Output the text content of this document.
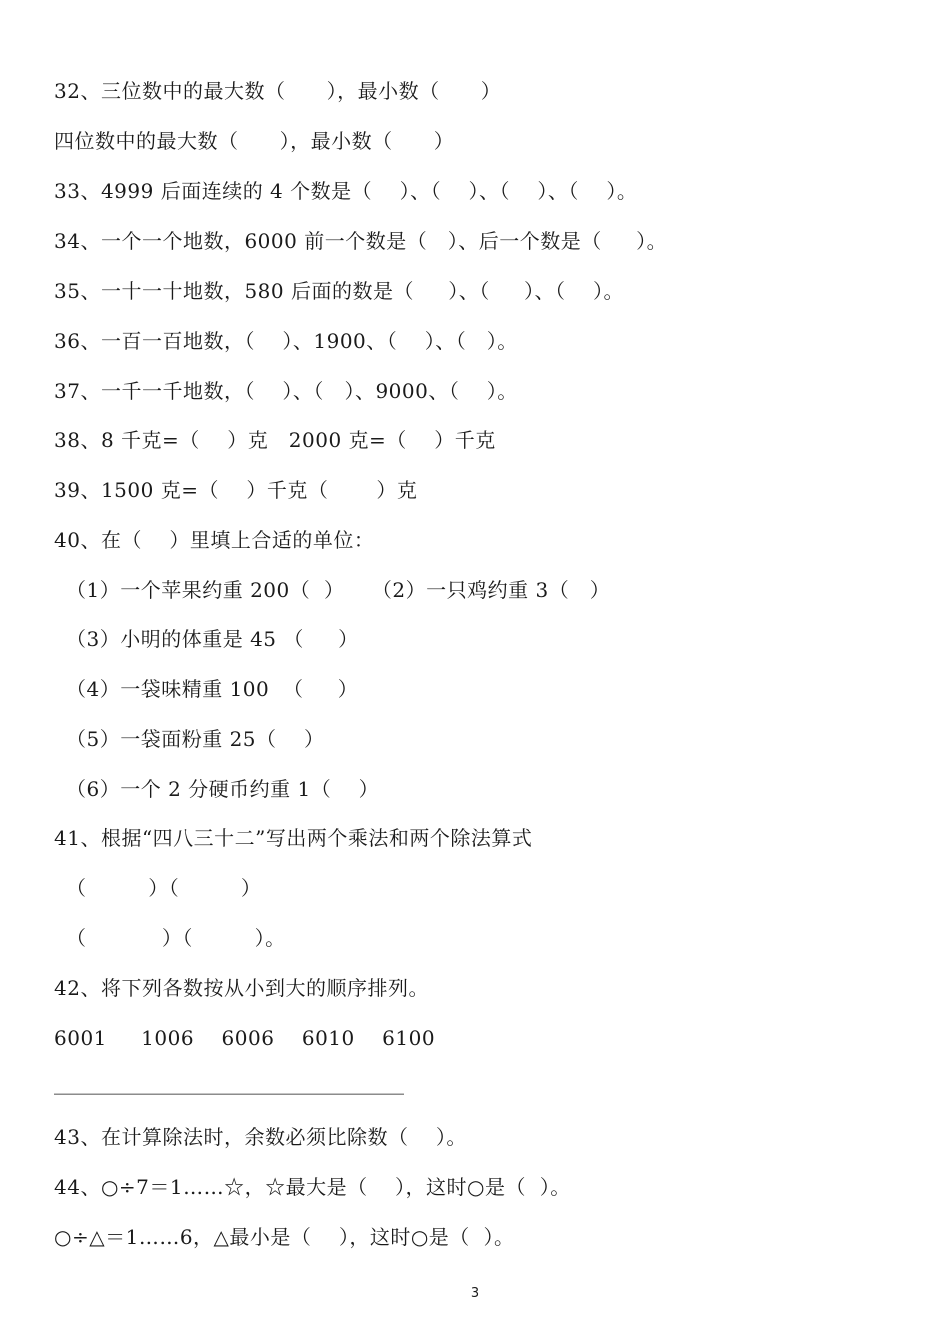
32、三位数中的最大数（      ），最小数（      ）
四位数中的最大数（      ），最小数（      ）
33、4999 后面连续的 4 个数是（    ）、（    ）、（    ）、（    ）。
34、一个一个地数，6000 前一个数是（   ）、后一个数是（     ）。
35、一十一十地数，580 后面的数是（     ）、（     ）、（    ）。
36、一百一百地数，（    ）、1900、（    ）、（   ）。
37、一千一千地数，（    ）、（   ）、9000、（    ）。
38、8 千克=（    ）克   2000 克=（    ）千克
39、1500 克=（    ）千克（       ）克
40、在（    ）里填上合适的单位：
（1）一个苹果约重 200（  ）    （2）一只鸡约重 3（   ）
（3）小明的体重是 45 （     ）
（4）一袋味精重 100  （     ）
（5）一袋面粉重 25（    ）
（6）一个 2 分硬币约重 1（    ）
41、根据“四八三十二”写出两个乘法和两个除法算式
（         ）（         ）
（           ）（         ）。
42、将下列各数按从小到大的顺序排列。
6001     1006    6006    6010    6100
___________________________________
43、在计算除法时，余数必须比除数（    ）。
44、○÷7＝1……☆，☆最大是（    ），这时○是（  ）。
○÷△＝1……6，△最小是（    ），这时○是（  ）。
3
